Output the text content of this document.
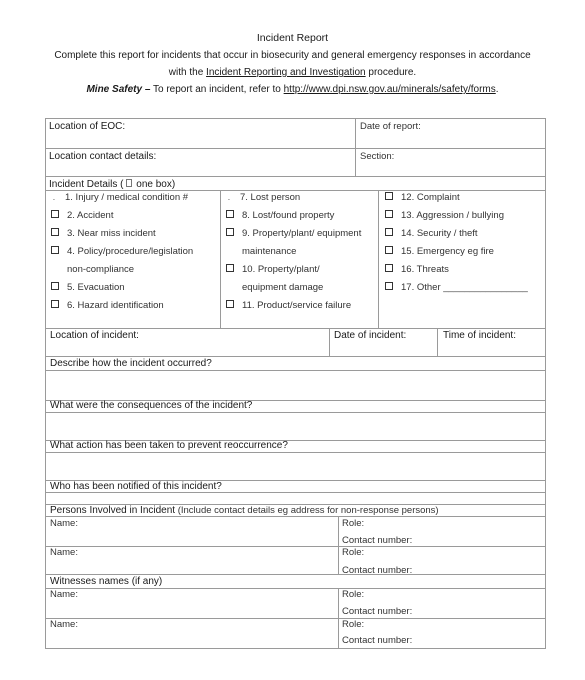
Incident Report
Complete this report for incidents that occur in biosecurity and general emergency responses in accordance
with the Incident Reporting and Investigation procedure.
Mine Safety – To report an incident, refer to http://www.dpi.nsw.gov.au/minerals/safety/forms.
Location of EOC:	Date of report:
Location contact details:	Section:
Incident Details ( one box)
. 1. Injury / medical condition #
2. Accident
3. Near miss incident
4. Policy/procedure/legislation
non-compliance
5. Evacuation
6. Hazard identification
. 7. Lost person
8. Lost/found property
9. Property/plant/ equipment
maintenance
10. Property/plant/
equipment damage
11. Product/service failure
12. Complaint
13. Aggression / bullying
14. Security / theft
15. Emergency eg fire
16. Threats
17. Other ________________
Location of incident:	Date of incident:	Time of incident:
Describe how the incident occurred?
What were the consequences of the incident?
What action has been taken to prevent reoccurrence?
Who has been notified of this incident?
Persons Involved in Incident (Include contact details eg address for non-response persons)
Name:	Role:
Contact number:
Name:	Role:
Contact number:
Witnesses names (if any)
Name:	Role:
Contact number:
Name:	Role:
Contact number:
